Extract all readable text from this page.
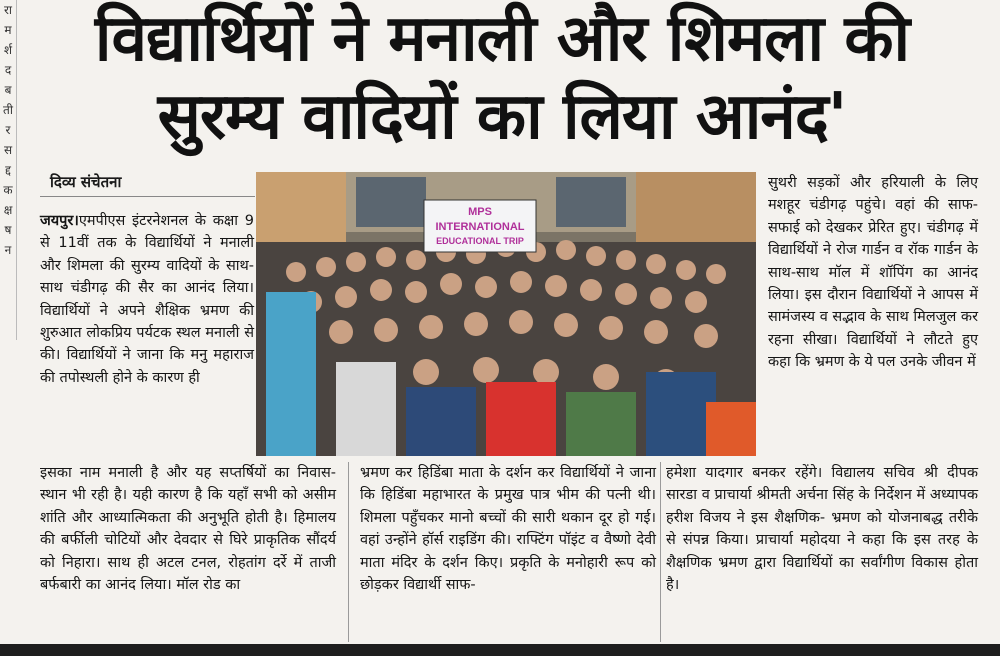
रा
म
र्श
द
ब
ती
र
स
द्द
क
क्ष
ष
न
विद्यार्थियों ने मनाली और शिमला की
सुरम्य वादियों का लिया आनंद'
दिव्य संचेतना

जयपुर।एमपीएस इंटरनेशनल के कक्षा 9 से 11वीं तक के विद्यार्थियों ने मनाली और शिमला की सुरम्य वादियों के साथ-साथ चंडीगढ़ की सैर का आनंद लिया। विद्यार्थियों ने अपने शैक्षिक भ्रमण की शुरुआत लोकप्रिय पर्यटक स्थल मनाली से की। विद्यार्थियों ने जाना कि मनु महाराज की तपोस्थली होने के कारण ही

MPS
INTERNATIONAL
EDUCATIONAL TRIP

सुथरी सड़कों और हरियाली के लिए मशहूर चंडीगढ़ पहुंचे। वहां की साफ-सफाई को देखकर प्रेरित हुए। चंडीगढ़ में विद्यार्थियों ने रोज गार्डन व रॉक गार्डन के साथ-साथ मॉल में शॉपिंग का आनंद लिया। इस दौरान विद्यार्थियों ने आपस में सामंजस्य व सद्भाव के साथ मिलजुल कर रहना सीखा। विद्यार्थियों ने लौटते हुए कहा कि भ्रमण के ये पल उनके जीवन में

इसका नाम मनाली है और यह सप्तर्षियों का निवास- स्थान भी रही है। यही कारण है कि यहाँ सभी को असीम शांति और आध्यात्मिकता की अनुभूति होती है। हिमालय की बर्फीली चोटियों और देवदार से घिरे प्राकृतिक सौंदर्य को निहारा। साथ ही अटल टनल, रोहतांग दर्रे में ताजी बर्फबारी का आनंद लिया। मॉल रोड का

भ्रमण कर हिडिंबा माता के दर्शन कर विद्यार्थियों ने जाना कि हिडिंबा महाभारत के प्रमुख पात्र भीम की पत्नी थी। शिमला पहुँचकर मानो बच्चों की सारी थकान दूर हो गई। वहां उन्होंने हॉर्स राइडिंग की। राफ्टिंग पॉइंट व वैष्णो देवी माता मंदिर के दर्शन किए। प्रकृति के मनोहारी रूप को छोड़कर विद्यार्थी साफ-

हमेशा यादगार बनकर रहेंगे। विद्यालय सचिव श्री दीपक सारडा व प्राचार्या श्रीमती अर्चना सिंह के निर्देशन में अध्यापक हरीश विजय ने इस शैक्षणिक- भ्रमण को योजनाबद्ध तरीके से संपन्न किया। प्राचार्या महोदया ने कहा कि इस तरह के शैक्षणिक भ्रमण द्वारा विद्यार्थियों का सर्वांगीण विकास होता है।
